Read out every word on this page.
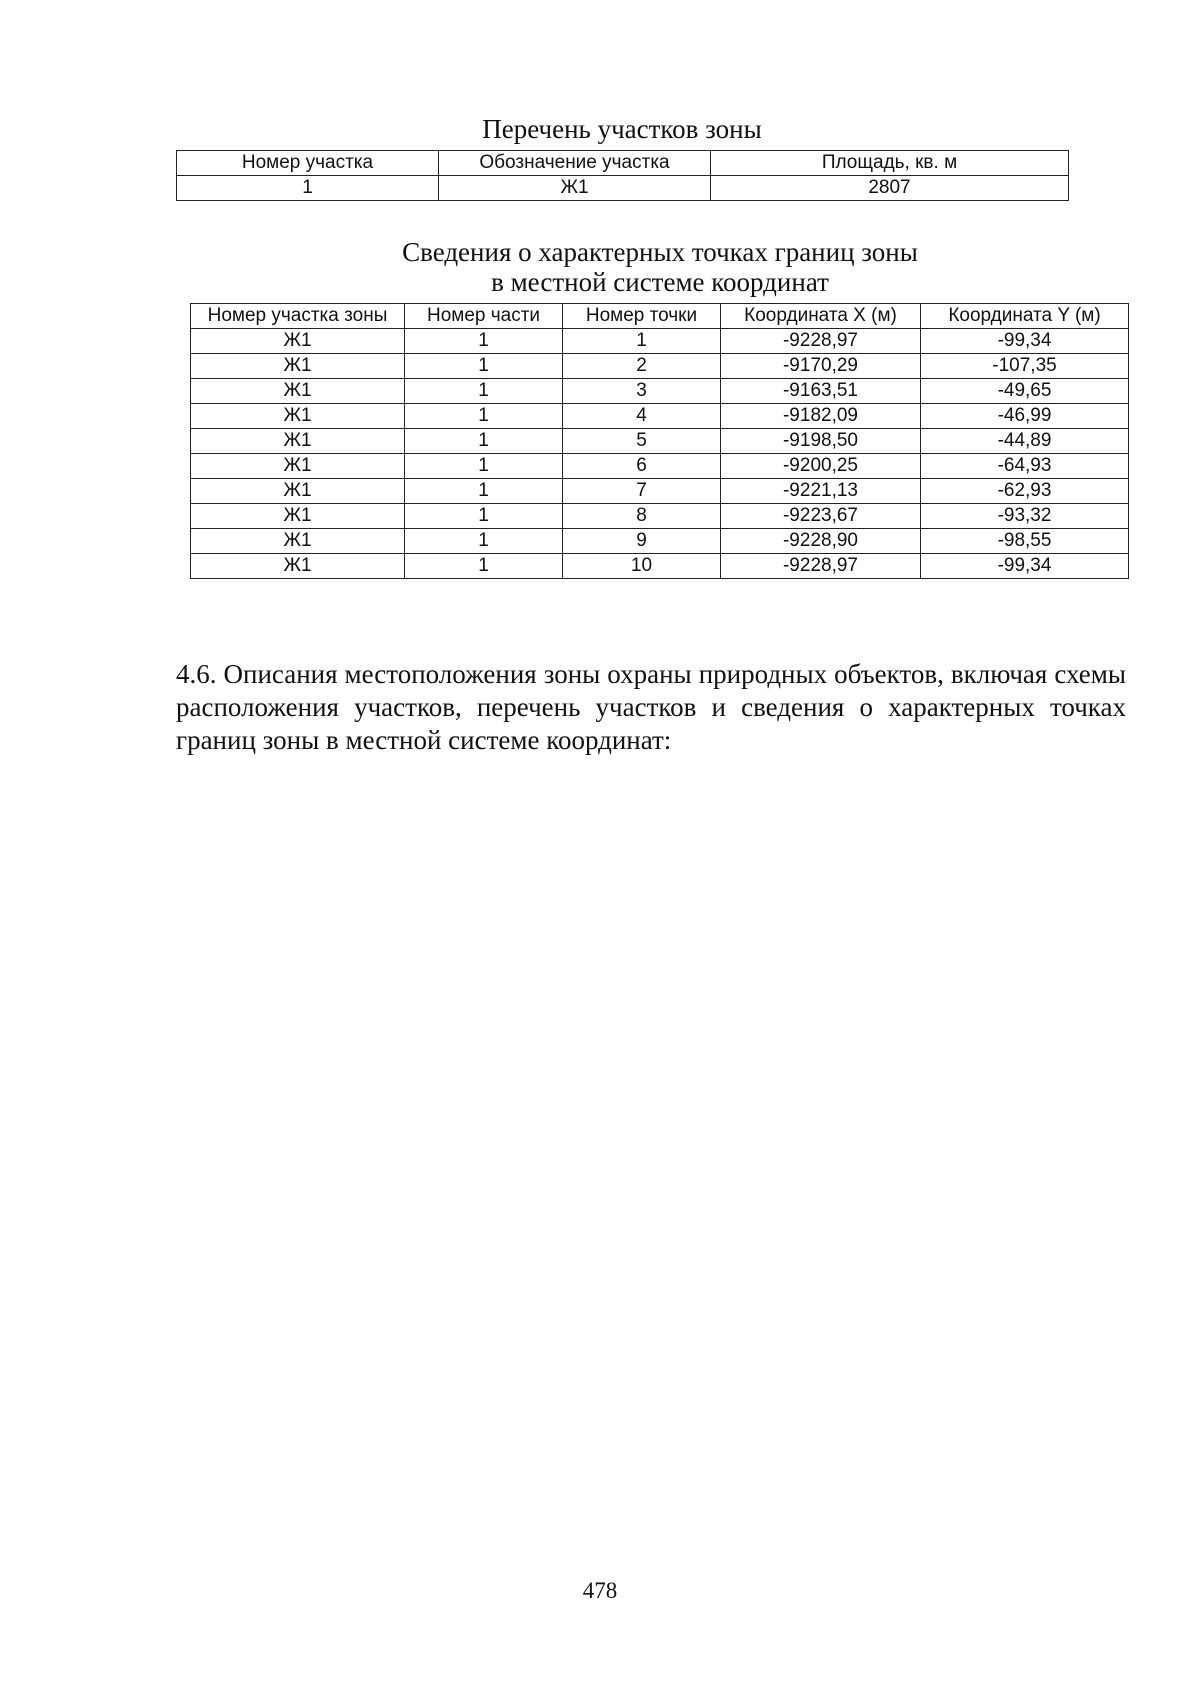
Перечень участков зоны
Номер участка	Обозначение участка	Площадь, кв. м
1	Ж1	2807
Сведения о характерных точках границ зоны
в местной системе координат
Номер участка зоны	Номер части	Номер точки	Координата X (м)	Координата Y (м)
Ж1	1	1	-9228,97	-99,34
Ж1	1	2	-9170,29	-107,35
Ж1	1	3	-9163,51	-49,65
Ж1	1	4	-9182,09	-46,99
Ж1	1	5	-9198,50	-44,89
Ж1	1	6	-9200,25	-64,93
Ж1	1	7	-9221,13	-62,93
Ж1	1	8	-9223,67	-93,32
Ж1	1	9	-9228,90	-98,55
Ж1	1	10	-9228,97	-99,34

4.6. Описания местоположения зоны охраны природных объектов, включая схемы расположения участков, перечень участков и сведения о характерных точках границ зоны в местной системе координат:

478
